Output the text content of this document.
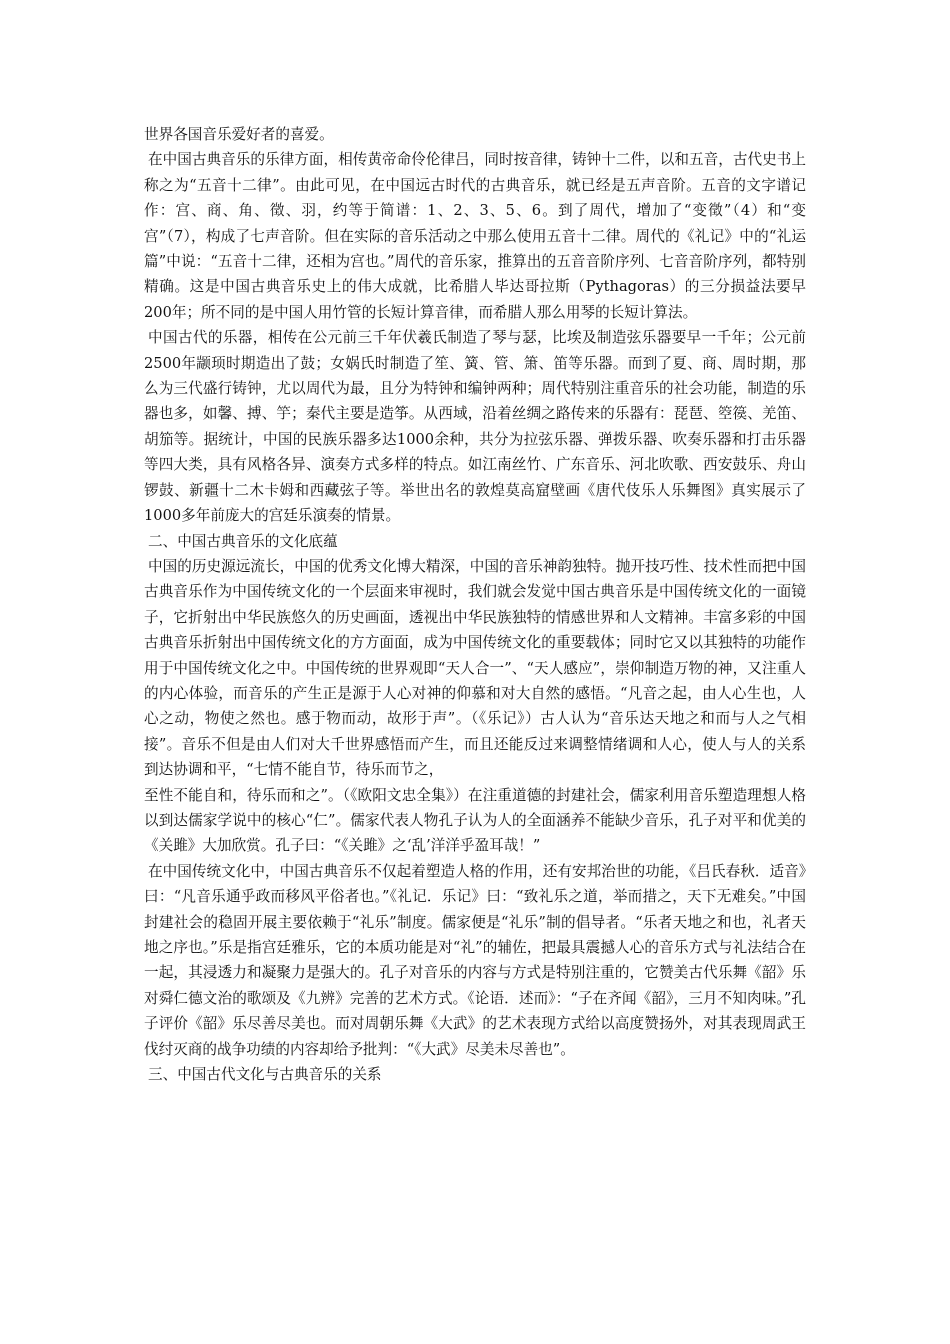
世界各国音乐爱好者的喜爱。

在中国古典音乐的乐律方面，相传黄帝命伶伦律吕，同时按音律，铸钟十二件，以和五音，古代史书上称之为“五音十二律”。由此可见，在中国远古时代的古典音乐，就已经是五声音阶。五音的文字谱记作：宫、商、角、徵、羽，约等于简谱：1、2、3、5、6。到了周代，增加了“变徵”（4）和“变宫”（7），构成了七声音阶。但在实际的音乐活动之中那么使用五音十二律。周代的《礼记》中的“礼运篇”中说：“五音十二律，还相为宫也。”周代的音乐家，推算出的五音音阶序列、七音音阶序列，都特别精确。这是中国古典音乐史上的伟大成就，比希腊人毕达哥拉斯（Pythagoras）的三分损益法要早200年；所不同的是中国人用竹管的长短计算音律，而希腊人那么用琴的长短计算法。

中国古代的乐器，相传在公元前三千年伏羲氏制造了琴与瑟，比埃及制造弦乐器要早一千年；公元前2500年颛顼时期造出了鼓；女娲氏时制造了笙、簧、管、箫、笛等乐器。而到了夏、商、周时期，那么为三代盛行铸钟，尤以周代为最，且分为特钟和编钟两种；周代特别注重音乐的社会功能，制造的乐器也多，如馨、搏、竽；秦代主要是造筝。从西域，沿着丝绸之路传来的乐器有：琵琶、箜篌、羌笛、胡笳等。据统计，中国的民族乐器多达1000余种，共分为拉弦乐器、弹拨乐器、吹奏乐器和打击乐器等四大类，具有风格各异、演奏方式多样的特点。如江南丝竹、广东音乐、河北吹歌、西安鼓乐、舟山锣鼓、新疆十二木卡姆和西藏弦子等。举世出名的敦煌莫高窟壁画《唐代伎乐人乐舞图》真实展示了1000多年前庞大的宫廷乐演奏的情景。

二、中国古典音乐的文化底蕴

中国的历史源远流长，中国的优秀文化博大精深，中国的音乐神韵独特。抛开技巧性、技术性而把中国古典音乐作为中国传统文化的一个层面来审视时，我们就会发觉中国古典音乐是中国传统文化的一面镜子，它折射出中华民族悠久的历史画面，透视出中华民族独特的情感世界和人文精神。丰富多彩的中国古典音乐折射出中国传统文化的方方面面，成为中国传统文化的重要载体；同时它又以其独特的功能作用于中国传统文化之中。中国传统的世界观即“天人合一”、“天人感应”，崇仰制造万物的神，又注重人的内心体验，而音乐的产生正是源于人心对神的仰慕和对大自然的感悟。“凡音之起，由人心生也，人心之动，物使之然也。感于物而动，故形于声”。（《乐记》）古人认为“音乐达天地之和而与人之气相接”。音乐不但是由人们对大千世界感悟而产生，而且还能反过来调整情绪调和人心，使人与人的关系到达协调和平，“七情不能自节，待乐而节之，

至性不能自和，待乐而和之”。（《欧阳文忠全集》）在注重道德的封建社会，儒家利用音乐塑造理想人格以到达儒家学说中的核心“仁”。儒家代表人物孔子认为人的全面涵养不能缺少音乐，孔子对平和优美的《关雎》大加欣赏。孔子曰：“《关雎》之‘乱’洋洋乎盈耳哉！”

在中国传统文化中，中国古典音乐不仅起着塑造人格的作用，还有安邦治世的功能，《吕氏春秋．适音》曰：“凡音乐通乎政而移风平俗者也。”《礼记．乐记》曰：“致礼乐之道，举而措之，天下无难矣。”中国封建社会的稳固开展主要依赖于“礼乐”制度。儒家便是“礼乐”制的倡导者。“乐者天地之和也，礼者天地之序也。”乐是指宫廷雅乐，它的本质功能是对“礼”的辅佐，把最具震撼人心的音乐方式与礼法结合在一起，其浸透力和凝聚力是强大的。孔子对音乐的内容与方式是特别注重的，它赞美古代乐舞《韶》乐对舜仁德文治的歌颂及《九辨》完善的艺术方式。《论语．述而》：“子在齐闻《韶》，三月不知肉味。”孔子评价《韶》乐尽善尽美也。而对周朝乐舞《大武》的艺术表现方式给以高度赞扬外，对其表现周武王伐纣灭商的战争功绩的内容却给予批判：“《大武》尽美未尽善也”。

三、中国古代文化与古典音乐的关系
